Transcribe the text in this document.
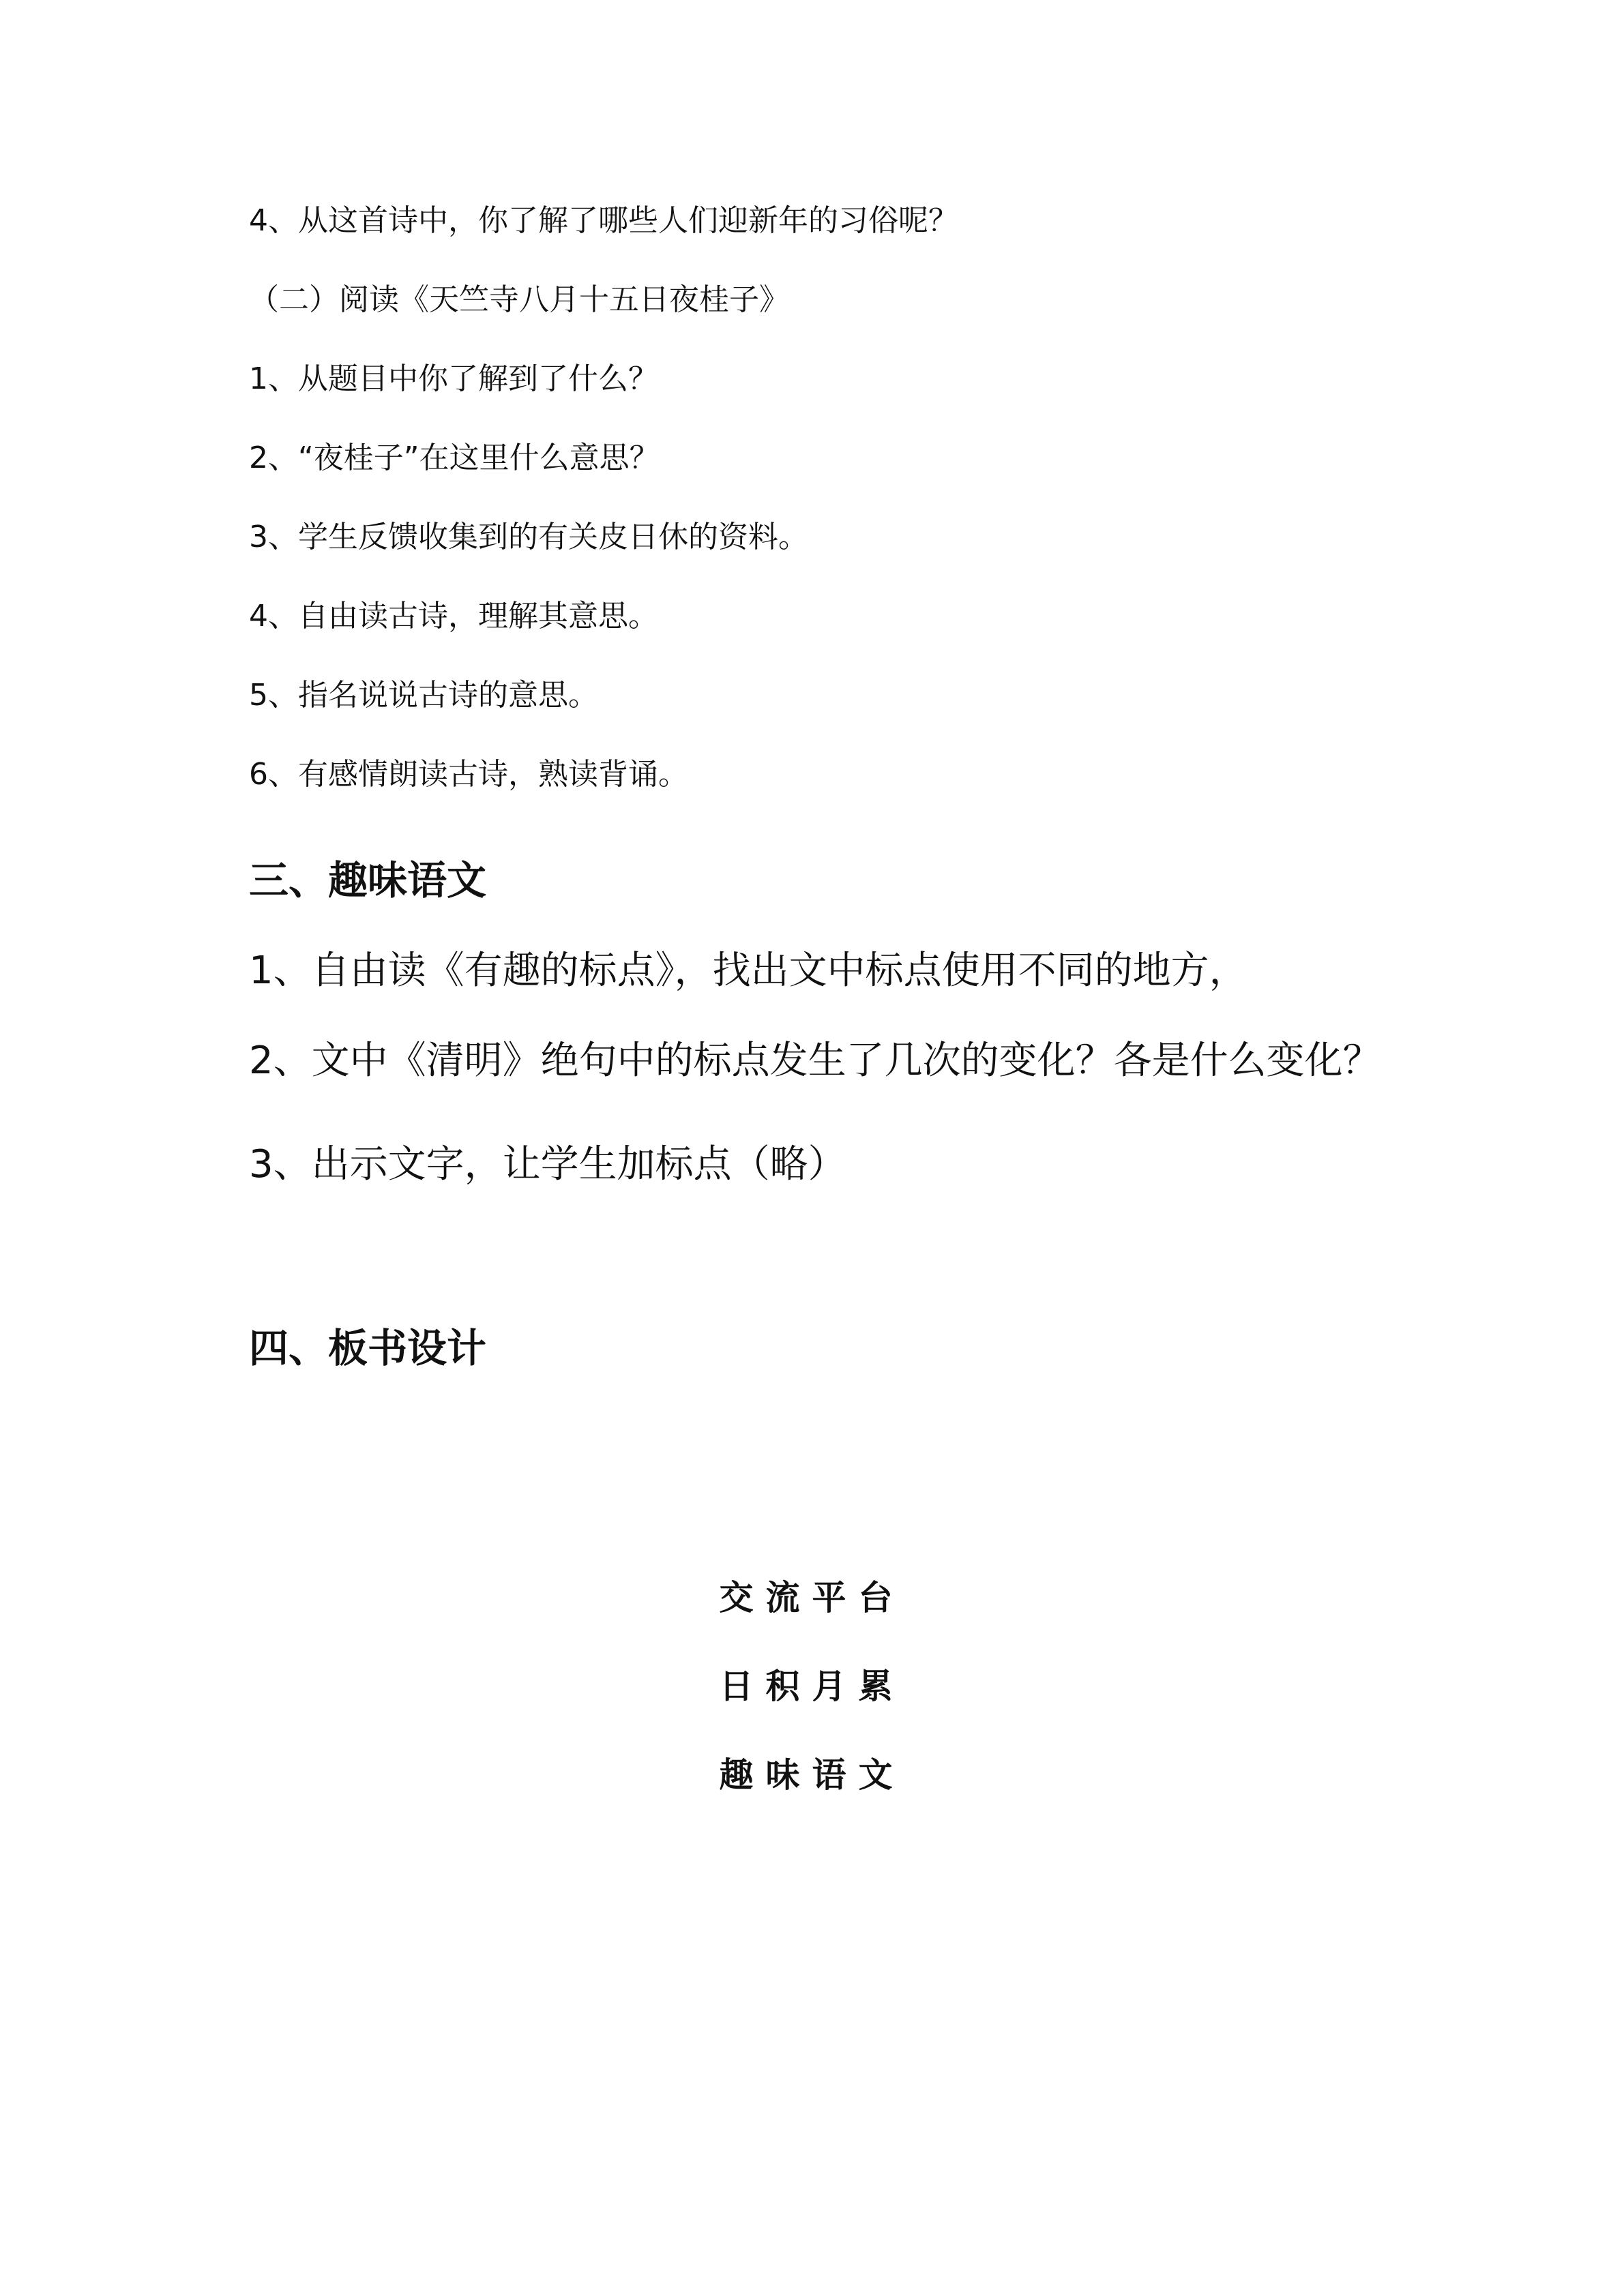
4、从这首诗中，你了解了哪些人们迎新年的习俗呢？
（二）阅读《天竺寺八月十五日夜桂子》
1、从题目中你了解到了什么？
2、“夜桂子”在这里什么意思？
3、学生反馈收集到的有关皮日休的资料。
4、自由读古诗，理解其意思。
5、指名说说古诗的意思。
6、有感情朗读古诗，熟读背诵。
三、趣味语文
1、自由读《有趣的标点》，找出文中标点使用不同的地方，
2、文中《清明》绝句中的标点发生了几次的变化？各是什么变化？
3、出示文字，让学生加标点（略）
四、板书设计
交流平台
日积月累
趣味语文
